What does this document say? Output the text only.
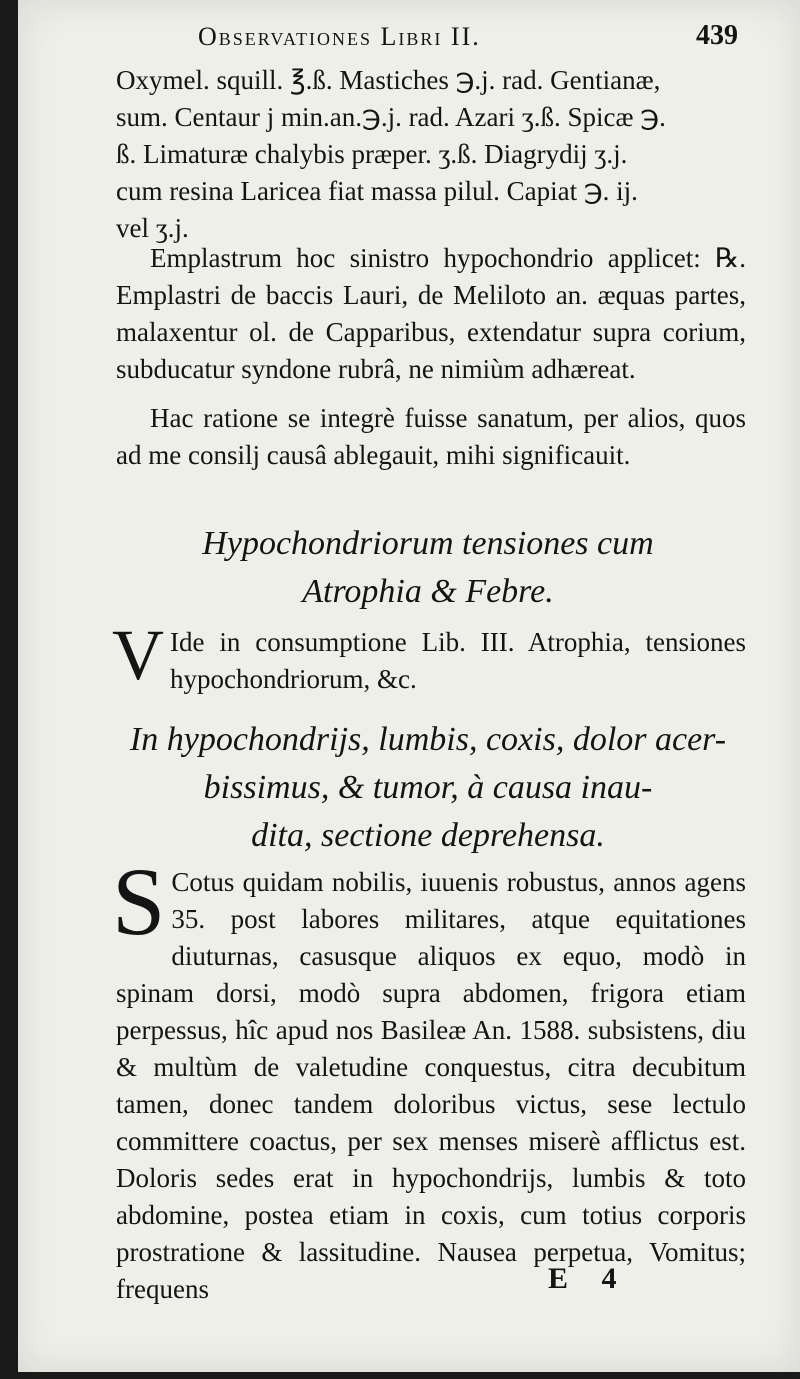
Observationes Libri II.	439
Oxymel. squill. ℥.ß. Mastiches ℈.j. rad. Gentianæ,
sum. Centaur j min.an.℈.j. rad. Azari ʒ.ß. Spicæ ℈.
ß. Limaturæ chalybis præper. ʒ.ß. Diagrydij ʒ.j.
cum resina Laricea fiat massa pilul. Capiat ℈. ij.
vel ʒ.j.

Emplastrum hoc sinistro hypochondrio applicet: ℞. Emplastri de baccis Lauri, de Meliloto an. æquas partes, malaxentur ol. de Capparibus, extendatur supra corium, subducatur syndone rubrâ, ne nimiùm adhæreat.

Hac ratione se integrè fuisse sanatum, per alios, quos ad me consilj causâ ablegauit, mihi significauit.

Hypochondriorum tensiones cum
Atrophia & Febre.
V Ide in consumptione Lib. III. Atrophia, tensiones hypochondriorum, &c.

In hypochondrijs, lumbis, coxis, dolor acer-
bissimus, & tumor, à causa inau-
dita, sectione deprehensa.
S Cotus quidam nobilis, iuuenis robustus, annos agens 35. post labores militares, atque equitationes diuturnas, casusque aliquos ex equo, modò in spinam dorsi, modò supra abdomen, frigora etiam perpessus, hîc apud nos Basileæ An. 1588. subsistens, diu & multùm de valetudine conquestus, citra decubitum tamen, donec tandem doloribus victus, sese lectulo committere coactus, per sex menses miserè afflictus est. Doloris sedes erat in hypochondrijs, lumbis & toto abdomine, postea etiam in coxis, cum totius corporis prostratione & lassitudine. Nausea perpetua, Vomitus; frequens	E 4
